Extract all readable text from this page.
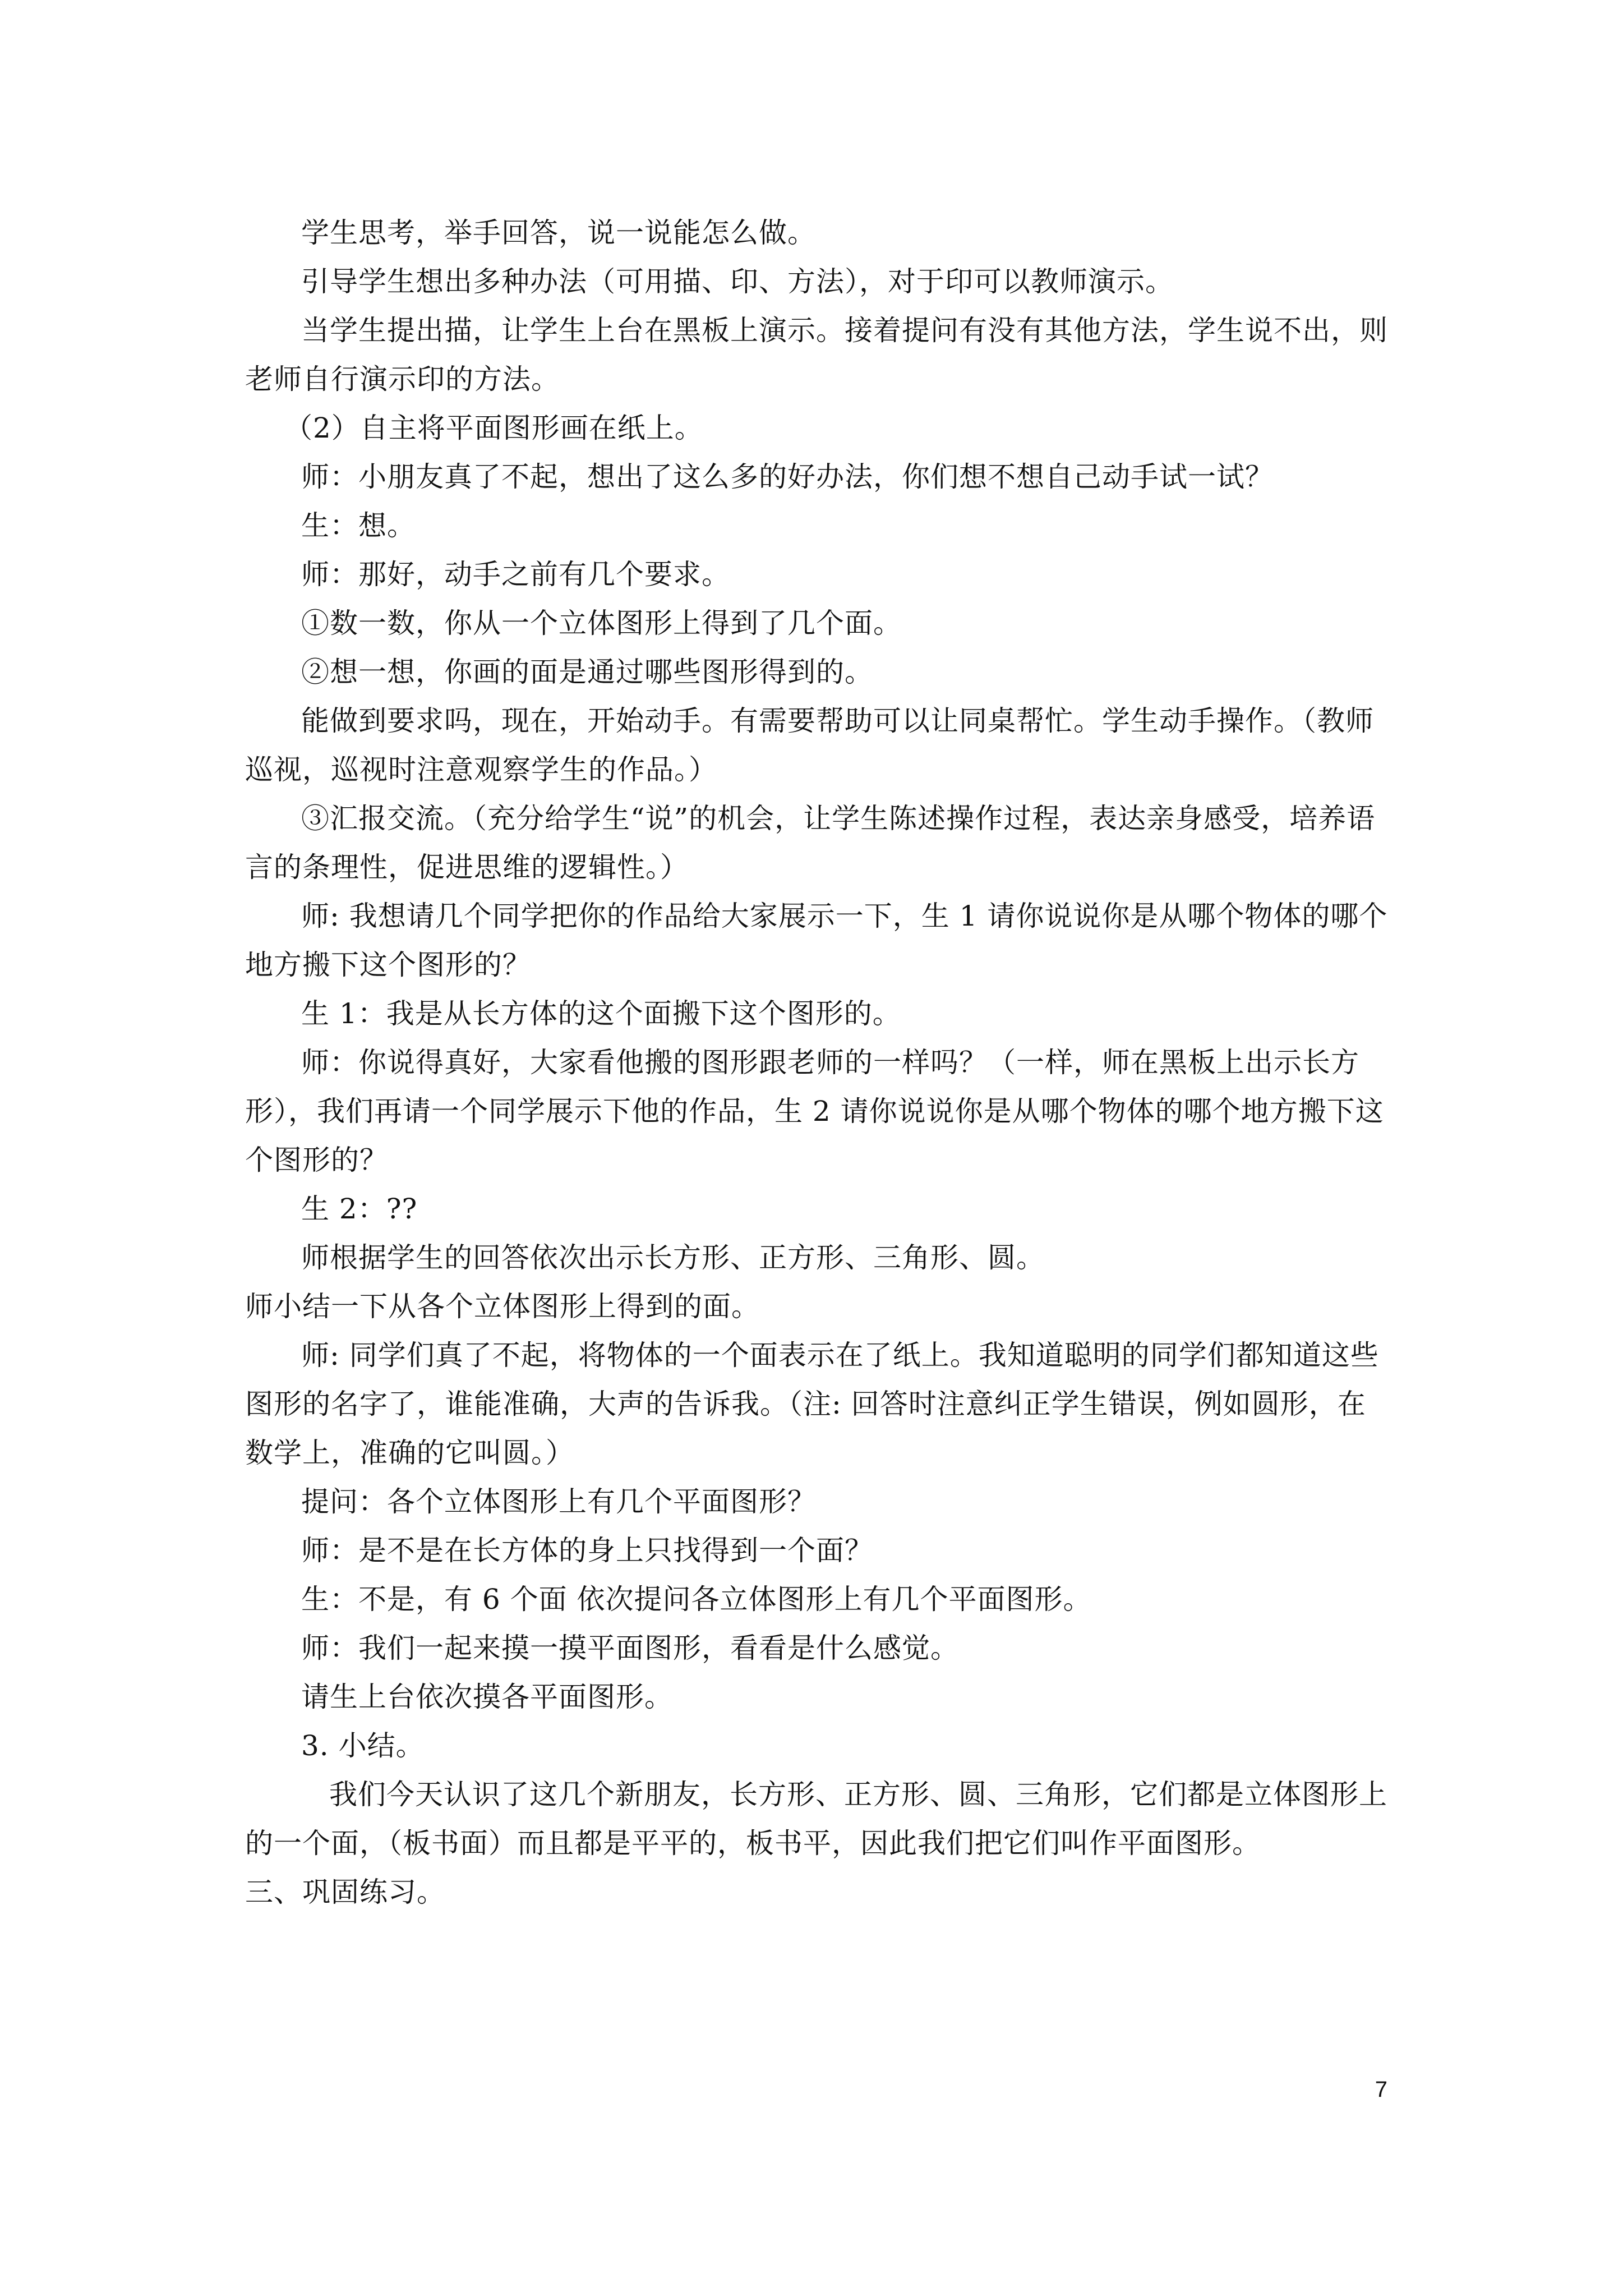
学生思考，举手回答，说一说能怎么做。

引导学生想出多种办法（可用描、印、方法），对于印可以教师演示。

当学生提出描，让学生上台在黑板上演示。接着提问有没有其他方法，学生说不出，则老师自行演示印的方法。

（2）自主将平面图形画在纸上。

师：小朋友真了不起，想出了这么多的好办法，你们想不想自己动手试一试？

生：想。

师：那好，动手之前有几个要求。

①数一数，你从一个立体图形上得到了几个面。

②想一想，你画的面是通过哪些图形得到的。

能做到要求吗，现在，开始动手。有需要帮助可以让同桌帮忙。学生动手操作。（教师巡视，巡视时注意观察学生的作品。）

③汇报交流。（充分给学生“说”的机会，让学生陈述操作过程，表达亲身感受，培养语言的条理性，促进思维的逻辑性。）

师: 我想请几个同学把你的作品给大家展示一下，生 1 请你说说你是从哪个物体的哪个地方搬下这个图形的？

生 1：我是从长方体的这个面搬下这个图形的。

师：你说得真好，大家看他搬的图形跟老师的一样吗？（一样，师在黑板上出示长方形），我们再请一个同学展示下他的作品，生 2 请你说说你是从哪个物体的哪个地方搬下这个图形的？

生 2：??

师根据学生的回答依次出示长方形、正方形、三角形、圆。

师小结一下从各个立体图形上得到的面。

师: 同学们真了不起，将物体的一个面表示在了纸上。我知道聪明的同学们都知道这些图形的名字了，谁能准确，大声的告诉我。（注: 回答时注意纠正学生错误，例如圆形，在数学上，准确的它叫圆。）

提问：各个立体图形上有几个平面图形？

师：是不是在长方体的身上只找得到一个面？

生：不是，有 6 个面 依次提问各立体图形上有几个平面图形。

师：我们一起来摸一摸平面图形，看看是什么感觉。

请生上台依次摸各平面图形。

3. 小结。

我们今天认识了这几个新朋友，长方形、正方形、圆、三角形，它们都是立体图形上的一个面，（板书面）而且都是平平的，板书平，因此我们把它们叫作平面图形。

三、巩固练习。

7
